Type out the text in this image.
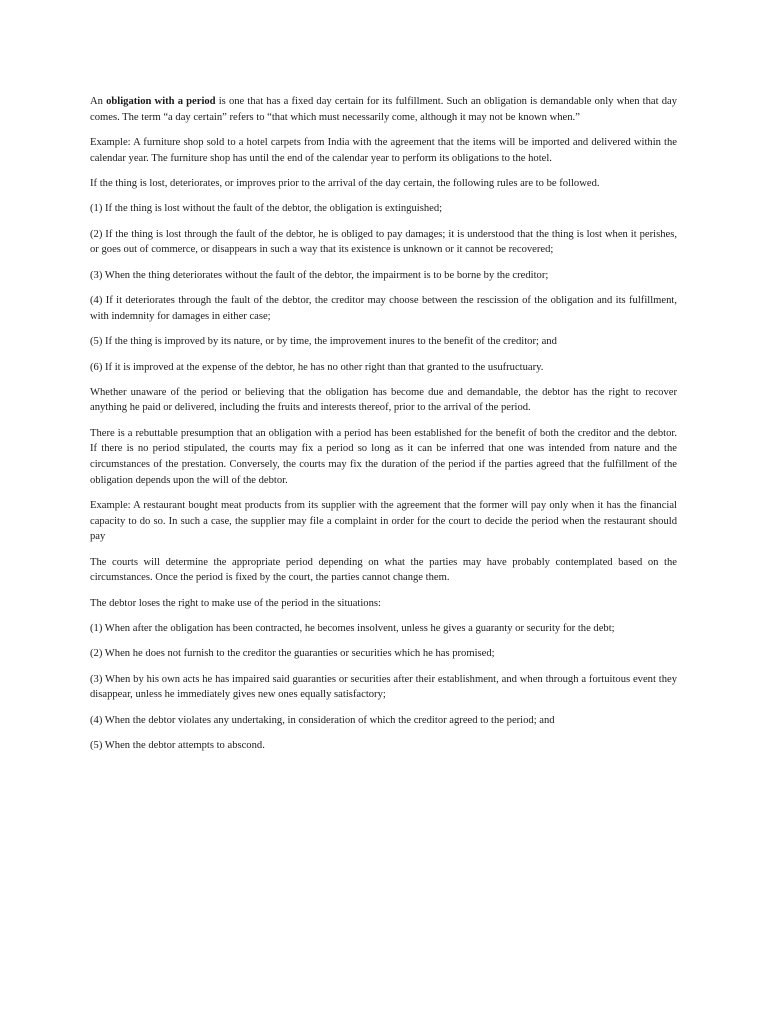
An obligation with a period is one that has a fixed day certain for its fulfillment. Such an obligation is demandable only when that day comes. The term “a day certain” refers to “that which must necessarily come, although it may not be known when.”

Example: A furniture shop sold to a hotel carpets from India with the agreement that the items will be imported and delivered within the calendar year. The furniture shop has until the end of the calendar year to perform its obligations to the hotel.

If the thing is lost, deteriorates, or improves prior to the arrival of the day certain, the following rules are to be followed.

(1) If the thing is lost without the fault of the debtor, the obligation is extinguished;

(2) If the thing is lost through the fault of the debtor, he is obliged to pay damages; it is understood that the thing is lost when it perishes, or goes out of commerce, or disappears in such a way that its existence is unknown or it cannot be recovered;

(3) When the thing deteriorates without the fault of the debtor, the impairment is to be borne by the creditor;

(4) If it deteriorates through the fault of the debtor, the creditor may choose between the rescission of the obligation and its fulfillment, with indemnity for damages in either case;

(5) If the thing is improved by its nature, or by time, the improvement inures to the benefit of the creditor; and

(6) If it is improved at the expense of the debtor, he has no other right than that granted to the usufructuary.

Whether unaware of the period or believing that the obligation has become due and demandable, the debtor has the right to recover anything he paid or delivered, including the fruits and interests thereof, prior to the arrival of the period.

There is a rebuttable presumption that an obligation with a period has been established for the benefit of both the creditor and the debtor. If there is no period stipulated, the courts may fix a period so long as it can be inferred that one was intended from nature and the circumstances of the prestation. Conversely, the courts may fix the duration of the period if the parties agreed that the fulfillment of the obligation depends upon the will of the debtor.

Example: A restaurant bought meat products from its supplier with the agreement that the former will pay only when it has the financial capacity to do so. In such a case, the supplier may file a complaint in order for the court to decide the period when the restaurant should pay

The courts will determine the appropriate period depending on what the parties may have probably contemplated based on the circumstances. Once the period is fixed by the court, the parties cannot change them.

The debtor loses the right to make use of the period in the situations:

(1) When after the obligation has been contracted, he becomes insolvent, unless he gives a guaranty or security for the debt;

(2) When he does not furnish to the creditor the guaranties or securities which he has promised;

(3) When by his own acts he has impaired said guaranties or securities after their establishment, and when through a fortuitous event they disappear, unless he immediately gives new ones equally satisfactory;

(4) When the debtor violates any undertaking, in consideration of which the creditor agreed to the period; and

(5) When the debtor attempts to abscond.
